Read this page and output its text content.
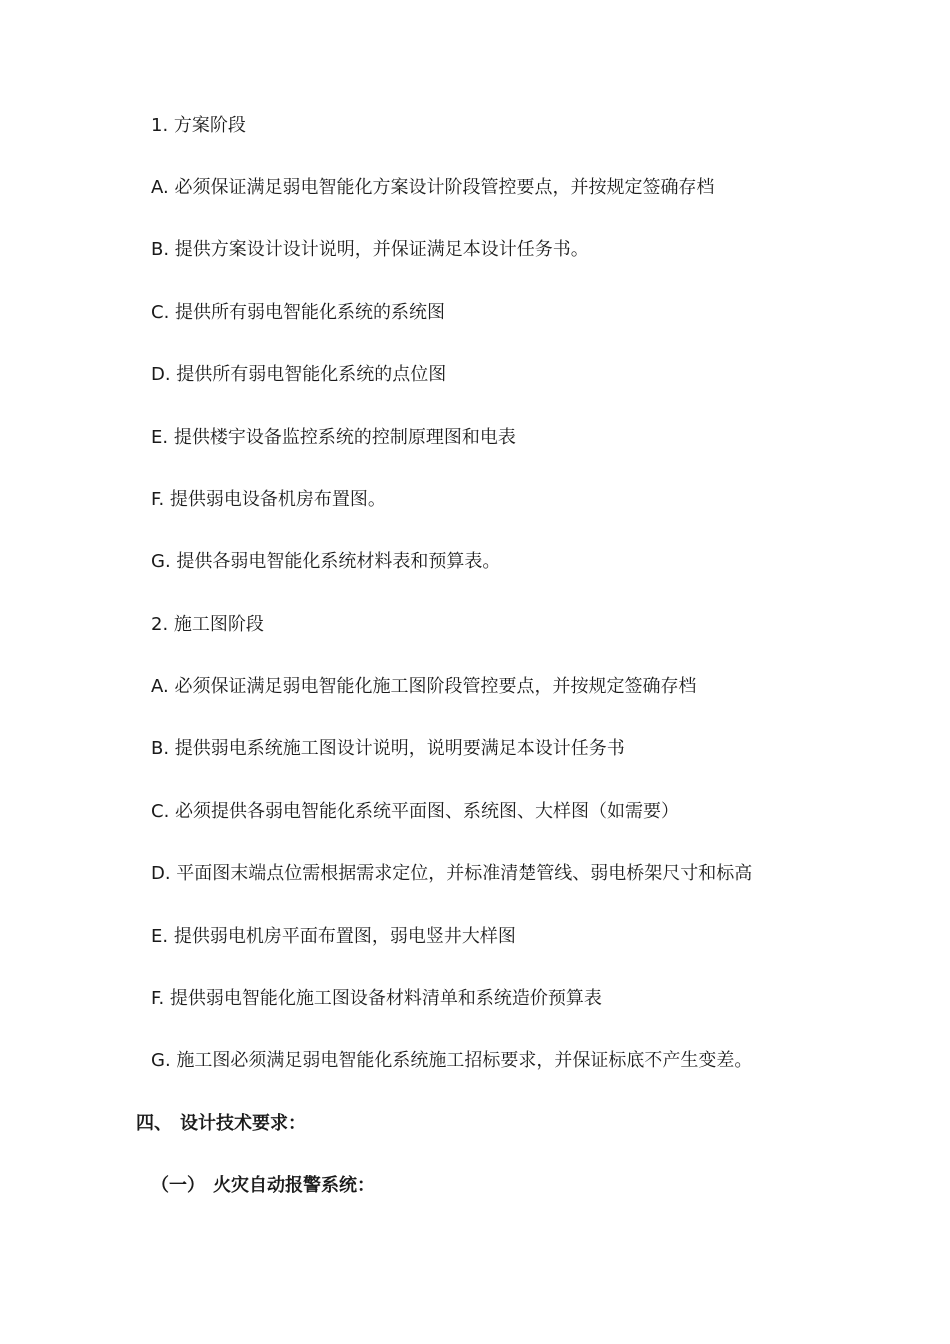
1. 方案阶段
A. 必须保证满足弱电智能化方案设计阶段管控要点，并按规定签确存档
B. 提供方案设计设计说明，并保证满足本设计任务书。
C. 提供所有弱电智能化系统的系统图
D. 提供所有弱电智能化系统的点位图
E. 提供楼宇设备监控系统的控制原理图和电表
F. 提供弱电设备机房布置图。
G. 提供各弱电智能化系统材料表和预算表。
2. 施工图阶段
A. 必须保证满足弱电智能化施工图阶段管控要点，并按规定签确存档
B. 提供弱电系统施工图设计说明，说明要满足本设计任务书
C. 必须提供各弱电智能化系统平面图、系统图、大样图（如需要）
D. 平面图末端点位需根据需求定位，并标准清楚管线、弱电桥架尺寸和标高
E. 提供弱电机房平面布置图，弱电竖井大样图
F. 提供弱电智能化施工图设备材料清单和系统造价预算表
G. 施工图必须满足弱电智能化系统施工招标要求，并保证标底不产生变差。
四、 设计技术要求：
（一） 火灾自动报警系统：
